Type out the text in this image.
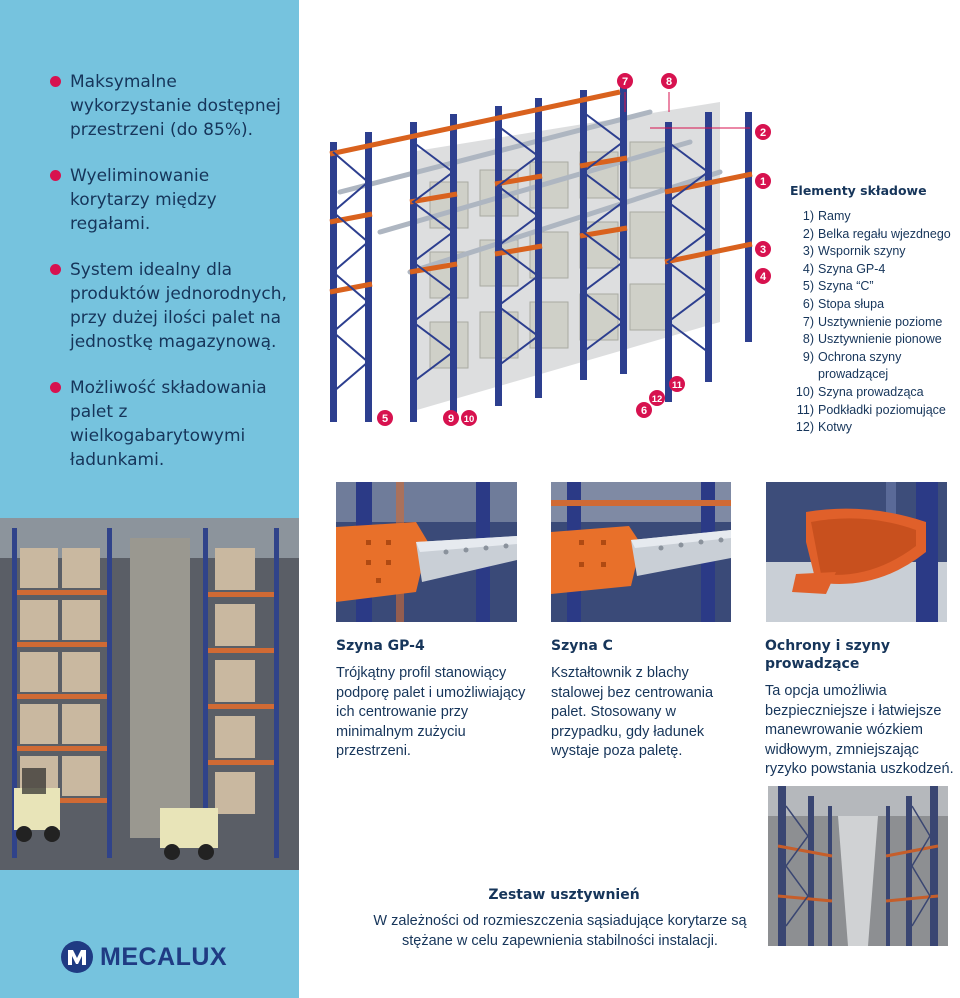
Maksymalne wykorzystanie dostępnej przestrzeni (do 85%).
Wyeliminowanie korytarzy między regałami.
System idealny dla produktów jednorodnych, przy dużej ilości palet na jednostkę magazynową.
Możliwość składowania palet z wielkogabarytowymi ładunkami.
MECALUX
7	8
2
1
3
4
5	9 10
6
12
11
Elementy składowe
1) Ramy
2) Belka regału wjezdnego
3) Wspornik szyny
4) Szyna GP-4
5) Szyna “C”
6) Stopa słupa
7) Usztywnienie poziome
8) Usztywnienie pionowe
9) Ochrona szyny prowadzącej
10) Szyna prowadząca
11) Podkładki poziomujące
12) Kotwy
Szyna GP-4
Trójkątny profil stanowiący podporę palet i umożliwiający ich centrowanie przy minimalnym zużyciu przestrzeni.
Szyna C
Kształtownik z blachy stalowej bez centrowania palet. Stosowany w przypadku, gdy ładunek wystaje poza paletę.
Ochrony i szyny prowadzące
Ta opcja umożliwia bezpieczniejsze i łatwiejsze manewrowanie wózkiem widłowym, zmniejszając ryzyko powstania uszkodzeń.
Zestaw usztywnień
W zależności od rozmieszczenia sąsiadujące korytarze są stężane w celu zapewnienia stabilności instalacji.
